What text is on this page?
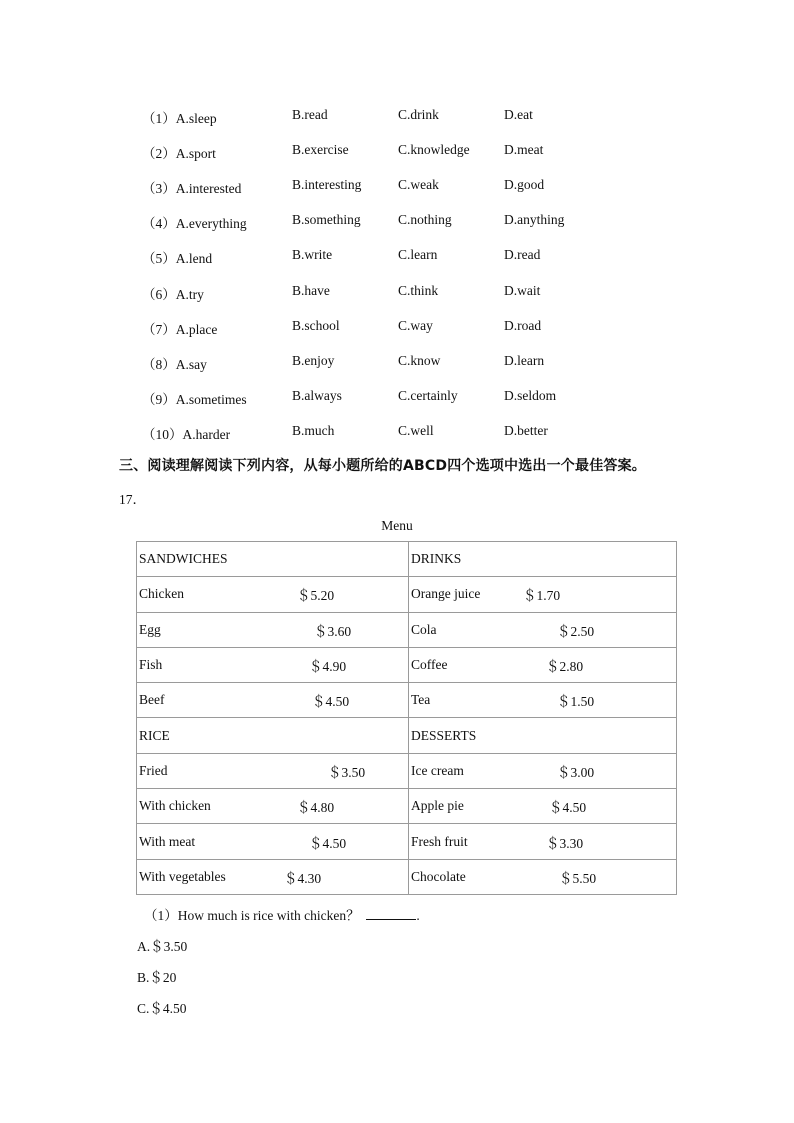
（1）A.sleep	B.read	C.drink	D.eat
（2）A.sport	B.exercise	C.knowledge	D.meat
（3）A.interested	B.interesting	C.weak	D.good
（4）A.everything	B.something	C.nothing	D.anything
（5）A.lend	B.write	C.learn	D.read
（6）A.try	B.have	C.think	D.wait
（7）A.place	B.school	C.way	D.road
（8）A.say	B.enjoy	C.know	D.learn
（9）A.sometimes	B.always	C.certainly	D.seldom
（10）A.harder	B.much	C.well	D.better
三、阅读理解阅读下列内容，从每小题所给的ABCD四个选项中选出一个最佳答案。
17．
Menu
SANDWICHES	DRINKS
Chicken ＄5.20	Orange juice ＄1.70

Egg ＄3.60	Cola ＄2.50

Fish ＄4.90	Coffee ＄2.80

Beef ＄4.50	Tea ＄1.50

RICE	DESSERTS
Fried ＄3.50	Ice cream ＄3.00

With chicken ＄4.80	Apple pie ＄4.50

With meat ＄4.50	Fresh fruit ＄3.30

With vegetables ＄4.30	Chocolate ＄5.50
（1）How much is rice with chicken？	.
A.＄3.50
B.＄20
C.＄4.50
